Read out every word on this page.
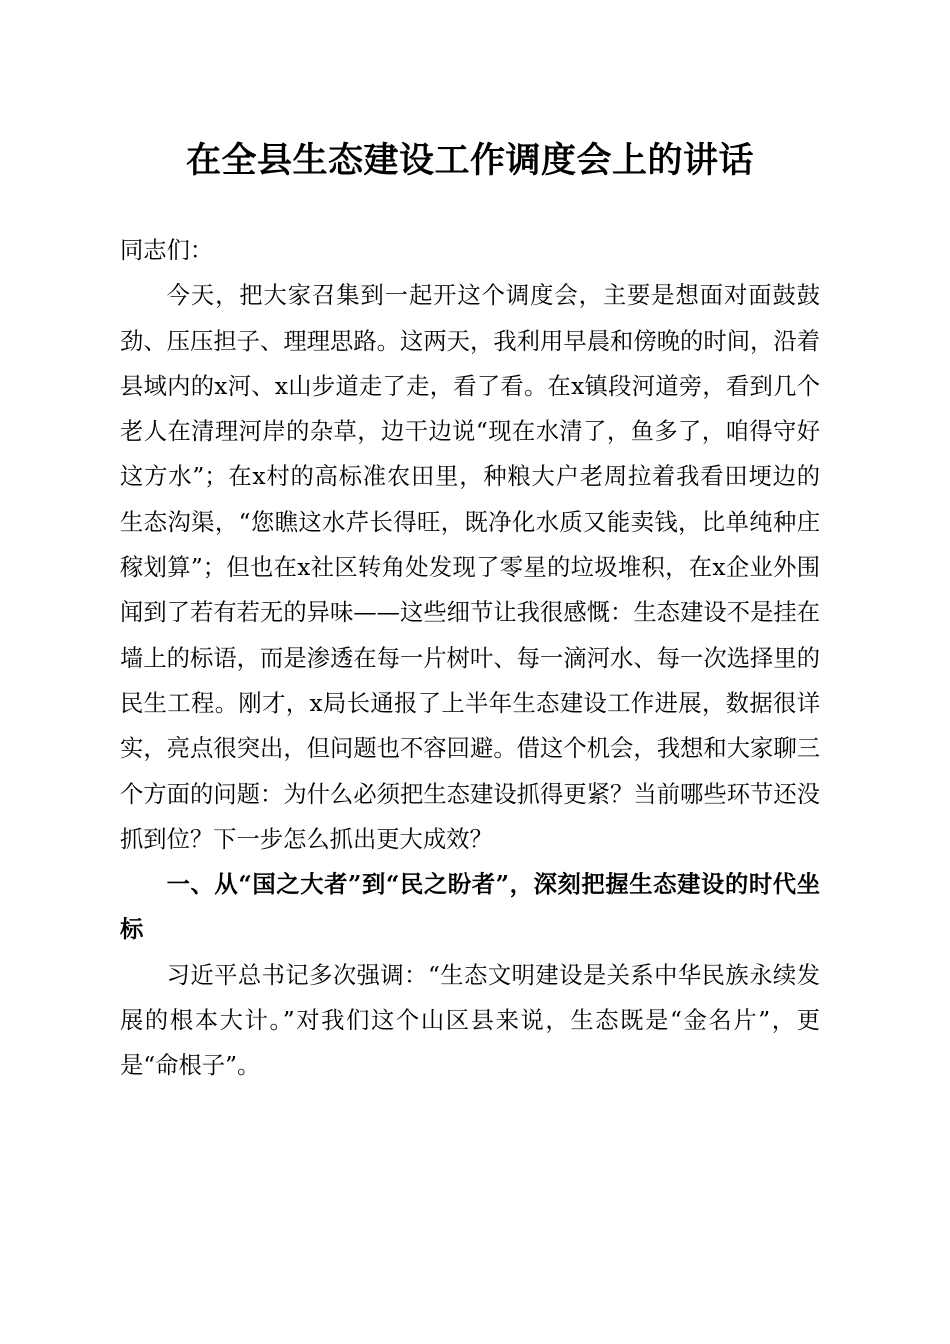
在全县生态建设工作调度会上的讲话

同志们：

今天，把大家召集到一起开这个调度会，主要是想面对面鼓鼓劲、压压担子、理理思路。这两天，我利用早晨和傍晚的时间，沿着县域内的x河、x山步道走了走，看了看。在x镇段河道旁，看到几个老人在清理河岸的杂草，边干边说“现在水清了，鱼多了，咱得守好这方水”；在x村的高标准农田里，种粮大户老周拉着我看田埂边的生态沟渠，“您瞧这水芹长得旺，既净化水质又能卖钱，比单纯种庄稼划算”；但也在x社区转角处发现了零星的垃圾堆积，在x企业外围闻到了若有若无的异味——这些细节让我很感慨：生态建设不是挂在墙上的标语，而是渗透在每一片树叶、每一滴河水、每一次选择里的民生工程。刚才，x局长通报了上半年生态建设工作进展，数据很详实，亮点很突出，但问题也不容回避。借这个机会，我想和大家聊三个方面的问题：为什么必须把生态建设抓得更紧？当前哪些环节还没抓到位？下一步怎么抓出更大成效？

一、从“国之大者”到“民之盼者”，深刻把握生态建设的时代坐标

习近平总书记多次强调：“生态文明建设是关系中华民族永续发展的根本大计。”对我们这个山区县来说，生态既是“金名片”，更是“命根子”。
